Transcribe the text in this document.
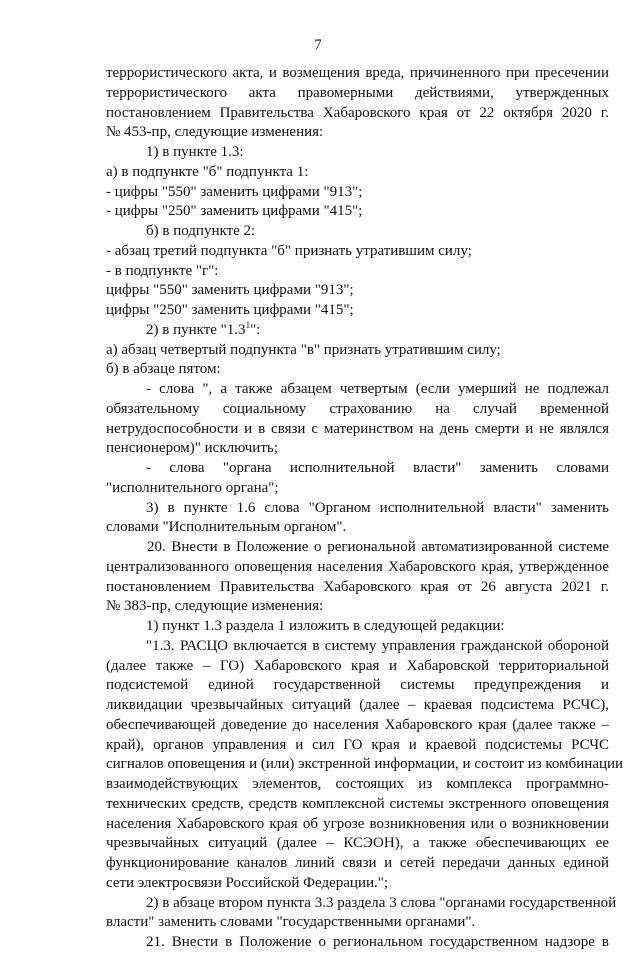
7
террористического акта, и возмещения вреда, причиненного при пресечении
террористического акта правомерными действиями, утвержденных
постановлением Правительства Хабаровского края от 22 октября 2020 г.
№ 453-пр, следующие изменения:
1) в пункте 1.3:
а) в подпункте "б" подпункта 1:
- цифры "550" заменить цифрами "913";
- цифры "250" заменить цифрами "415";
б) в подпункте 2:
- абзац третий подпункта "б" признать утратившим силу;
- в подпункте "г":
цифры "550" заменить цифрами "913";
цифры "250" заменить цифрами "415";
2) в пункте "$1.3^1$":
а) абзац четвертый подпункта "в" признать утратившим силу;
б) в абзаце пятом:
- слова ", а также абзацем четвертым (если умерший не подлежал
обязательному социальному страхованию на случай временной
нетрудоспособности и в связи с материнством на день смерти и не являлся
пенсионером)" исключить;
- слова "органа исполнительной власти" заменить словами
"исполнительного органа";
3) в пункте 1.6 слова "Органом исполнительной власти" заменить
словами "Исполнительным органом".
20. Внести в Положение о региональной автоматизированной системе
централизованного оповещения населения Хабаровского края, утвержденное
постановлением Правительства Хабаровского края от 26 августа 2021 г.
№ 383-пр, следующие изменения:
1) пункт 1.3 раздела 1 изложить в следующей редакции:
"1.3. РАСЦО включается в систему управления гражданской обороной
(далее также – ГО) Хабаровского края и Хабаровской территориальной
подсистемой единой государственной системы предупреждения и
ликвидации чрезвычайных ситуаций (далее – краевая подсистема РСЧС),
обеспечивающей доведение до населения Хабаровского края (далее также –
край), органов управления и сил ГО края и краевой подсистемы РСЧС
сигналов оповещения и (или) экстренной информации, и состоит из комбинации
взаимодействующих элементов, состоящих из комплекса программно-
технических средств, средств комплексной системы экстренного оповещения
населения Хабаровского края об угрозе возникновения или о возникновении
чрезвычайных ситуаций (далее – КСЭОН), а также обеспечивающих ее
функционирование каналов линий связи и сетей передачи данных единой
сети электросвязи Российской Федерации.";
2) в абзаце втором пункта 3.3 раздела 3 слова "органами государственной
власти" заменить словами "государственными органами".
21. Внести в Положение о региональном государственном надзоре в
